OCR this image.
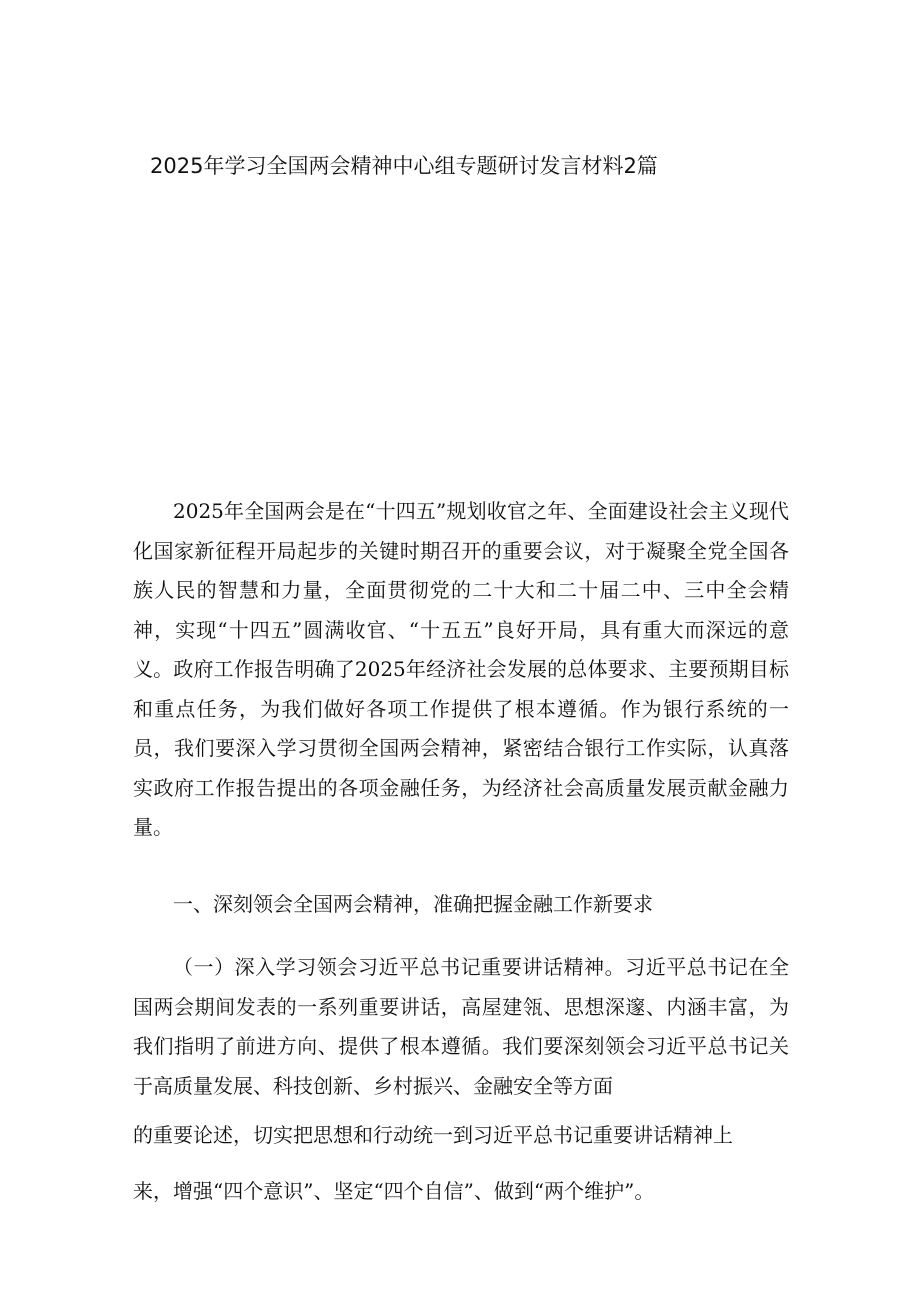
2025年学习全国两会精神中心组专题研讨发言材料2篇

2025年全国两会是在“十四五”规划收官之年、全面建设社会主义现代化国家新征程开局起步的关键时期召开的重要会议，对于凝聚全党全国各族人民的智慧和力量，全面贯彻党的二十大和二十届二中、三中全会精神，实现“十四五”圆满收官、“十五五”良好开局，具有重大而深远的意义。政府工作报告明确了2025年经济社会发展的总体要求、主要预期目标和重点任务，为我们做好各项工作提供了根本遵循。作为银行系统的一员，我们要深入学习贯彻全国两会精神，紧密结合银行工作实际，认真落实政府工作报告提出的各项金融任务，为经济社会高质量发展贡献金融力量。

一、深刻领会全国两会精神，准确把握金融工作新要求

（一）深入学习领会习近平总书记重要讲话精神。习近平总书记在全国两会期间发表的一系列重要讲话，高屋建瓴、思想深邃、内涵丰富，为我们指明了前进方向、提供了根本遵循。我们要深刻领会习近平总书记关于高质量发展、科技创新、乡村振兴、金融安全等方面

的重要论述，切实把思想和行动统一到习近平总书记重要讲话精神上

来，增强“四个意识”、坚定“四个自信”、做到“两个维护”。
